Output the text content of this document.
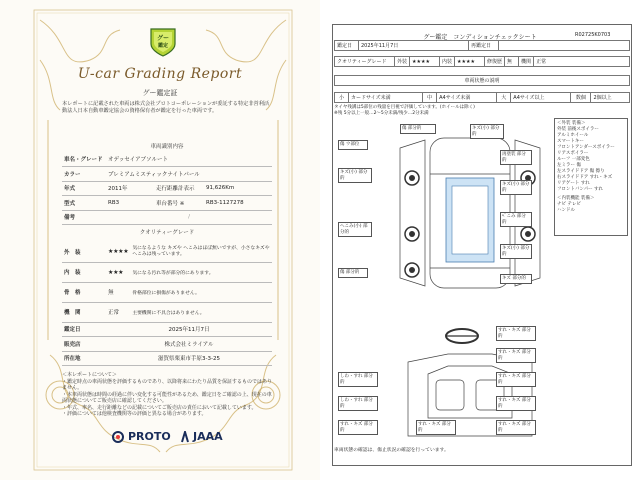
グー
鑑定
U-car Grading Report
グー鑑定証
本レポートに記載された車両は株式会社プロトコーポレーションが委託する特定非営利活動法人日本自動車鑑定協会の資格保有者が鑑定を行った車両です。
車両識別内容
車名・グレード	オデッセイアブソルート		
カラー	プレミアムミスティックナイトパール		
年式	2011年	走行距離計表示	91,626Km
型式	RB3	車台番号 ※	RB3-1127278
備考	/		
クオリティーグレード
外　装	★★★★	気になるような キズや へこみはほぼ無いですが、小さなキズやへこみは残っています。
内　装	★★★	気になる汚れ等が部分的にあります。
骨　格	無	骨格部位に損傷がありません。
機　関	正常	主要機関に不具合はありません。
鑑定日	2025年11月7日
販売店	株式会社ミライアル
所在地	滋賀県栗東市手原3-3-25
＜本レポートについて＞
・鑑定時点の車両状態を評価するものであり、以降将来にわたり品質を保証するものではありません。
・本車両状態は時間の経過に伴い変化する可能性があるため、鑑定日をご確認の上、現在の車両状態についてご販売店に確認してください。
・年式、車名、走行距離などの記載についてご販売店の責任において記載しています。
・評価については他検査機関等の評価と異なる場合があります。
PROTO JAAA
グー鑑定　コンディションチェックシート	R02725K0703
鑑定日	2025年11月7日	再鑑定日	
クオリティーグレード	外装	★★★★	内装	★★★★	修復歴	無	機関	正常
車両状態の説明
小	カードサイズ未満	中	A4サイズ未満	大	A4サイズ以上	数個	2個以上
タイヤ残溝は5部位の残量を目視で評価しています。(ホイールは除く)
※残 5分以上一般…2～5分未満/残少…2分未満
傷 ウ部位
キズ(小) 部分的
傷 部分的	キズ(小) 部分的
へこみ(小) 部分的
傷 部分的
再塗装 部分的
キズ(小) 部分的
ﾍﾞこみ 部分的
キズ(小) 部分的
キズ 部分的
すれ・キズ 部分的
すれ・キズ 部分的
すれ・キズ 部分的
しわ・すれ 部分的
すれ・キズ 部分的
しわ・すれ 部分的
すれ・キズ 部分的
すれ・キズ 部分的
すれ・キズ 部分的
＜外装 装備＞
外装 前後スポイラー
アルミホイール
スマートキー
フロントアンダースポイラー
リアスポイラー
ルーフ 一部変色
左ミラー 傷
左スライドドア 傷 擦り
右スライドドア すれ・キズ
リアゲート すれ
フロントバンパー すれ
＜内装機能 装備＞
ナビ テレビ
ハンドル
車両状態の確認は、傷止状況の確認を行っています。
